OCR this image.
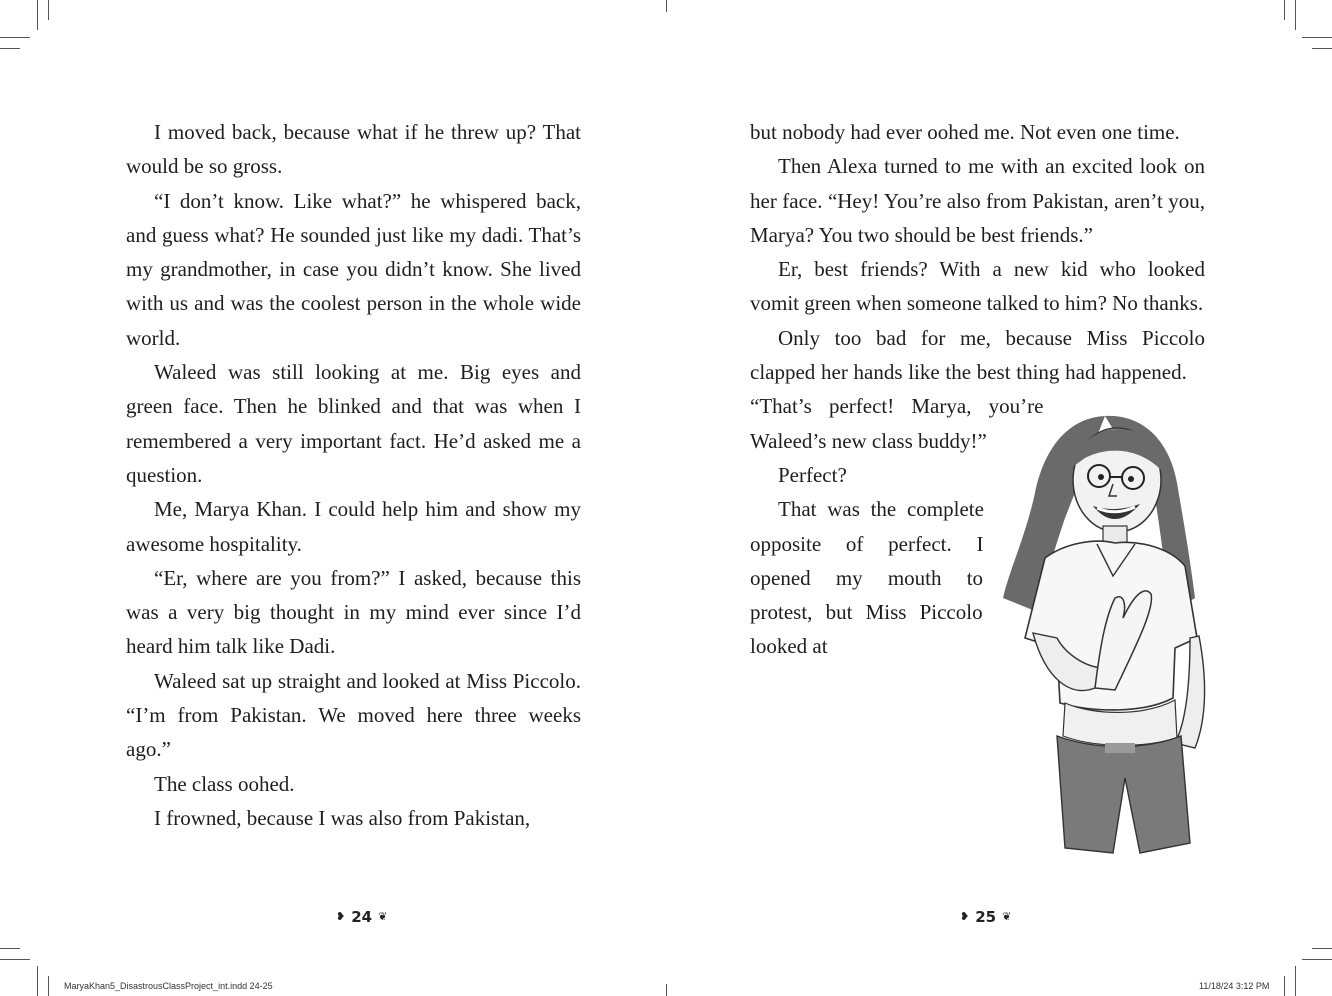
I moved back, because what if he threw up? That would be so gross.

“I don’t know. Like what?” he whispered back, and guess what? He sounded just like my dadi. That’s my grandmother, in case you didn’t know. She lived with us and was the coolest person in the whole wide world.

Waleed was still looking at me. Big eyes and green face. Then he blinked and that was when I remembered a very important fact. He’d asked me a question.

Me, Marya Khan. I could help him and show my awesome hospitality.

“Er, where are you from?” I asked, because this was a very big thought in my mind ever since I’d heard him talk like Dadi.

Waleed sat up straight and looked at Miss Piccolo. “I’m from Pakistan. We moved here three weeks ago.”

The class oohed.

I frowned, because I was also from Pakistan,

but nobody had ever oohed me. Not even one time.

Then Alexa turned to me with an excited look on her face. “Hey! You’re also from Pakistan, aren’t you, Marya? You two should be best friends.”

Er, best friends? With a new kid who looked vomit green when someone talked to him? No thanks.

Only too bad for me, because Miss Piccolo clapped her hands like the best thing had happened. “That’s perfect! Marya, you’re Waleed’s new class buddy!”

Perfect?

That was the complete opposite of perfect. I opened my mouth to protest, but Miss Piccolo looked at

❥ 24 ❦	❥ 25 ❦
MaryaKhan5_DisastrousClassProject_int.indd 24-25	11/18/24 3:12 PM
